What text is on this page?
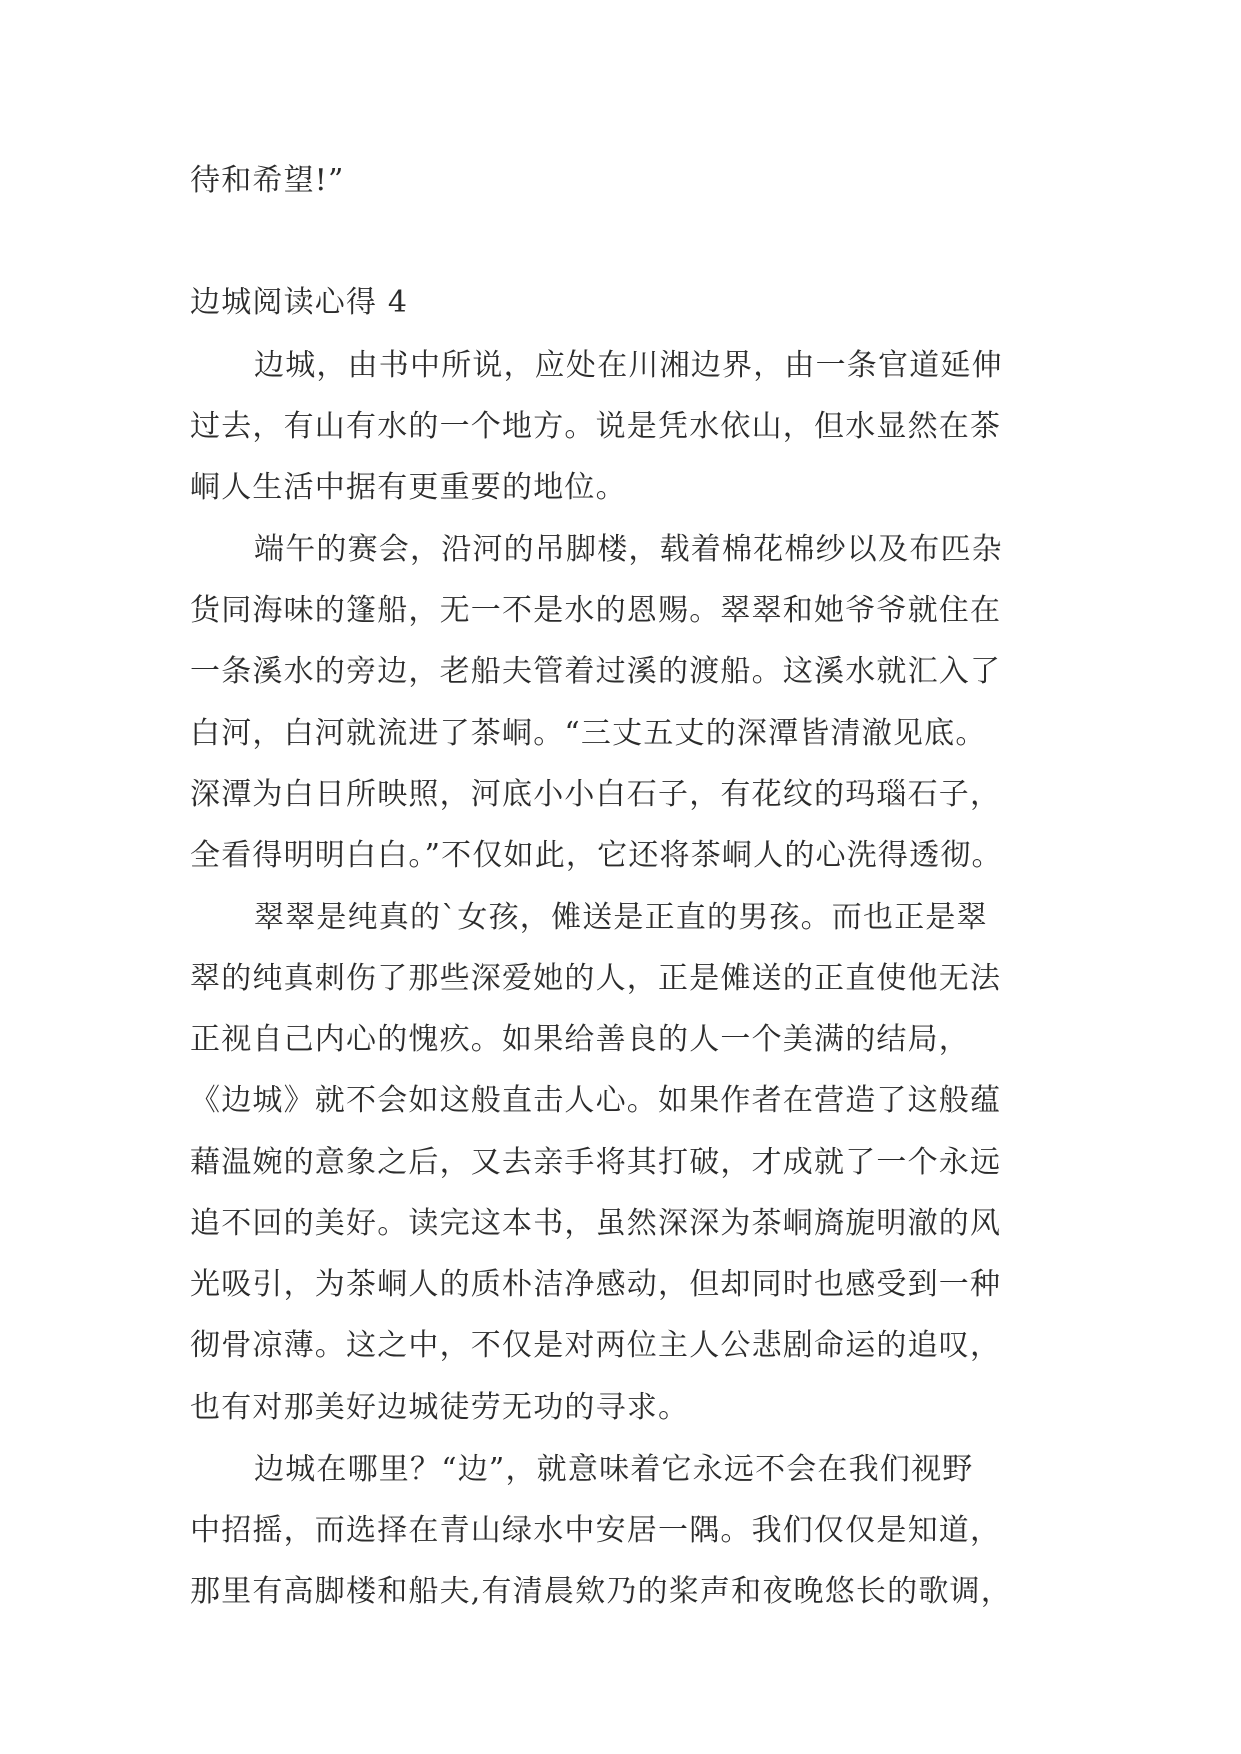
待和希望!”
边城阅读心得 4
边城，由书中所说，应处在川湘边界，由一条官道延伸
过去，有山有水的一个地方。说是凭水依山，但水显然在茶
峒人生活中据有更重要的地位。
端午的赛会，沿河的吊脚楼，载着棉花棉纱以及布匹杂
货同海味的篷船，无一不是水的恩赐。翠翠和她爷爷就住在
一条溪水的旁边，老船夫管着过溪的渡船。这溪水就汇入了
白河，白河就流进了茶峒。“三丈五丈的深潭皆清澈见底。
深潭为白日所映照，河底小小白石子，有花纹的玛瑙石子，
全看得明明白白。”不仅如此，它还将茶峒人的心洗得透彻。
翠翠是纯真的`女孩，傩送是正直的男孩。而也正是翠
翠的纯真刺伤了那些深爱她的人，正是傩送的正直使他无法
正视自己内心的愧疚。如果给善良的人一个美满的结局，
《边城》就不会如这般直击人心。如果作者在营造了这般蕴
藉温婉的意象之后，又去亲手将其打破，才成就了一个永远
追不回的美好。读完这本书，虽然深深为茶峒旖旎明澈的风
光吸引，为茶峒人的质朴洁净感动，但却同时也感受到一种
彻骨凉薄。这之中，不仅是对两位主人公悲剧命运的追叹，
也有对那美好边城徒劳无功的寻求。
边城在哪里？“边”，就意味着它永远不会在我们视野
中招摇，而选择在青山绿水中安居一隅。我们仅仅是知道，
那里有高脚楼和船夫,有清晨欸乃的桨声和夜晚悠长的歌调，
